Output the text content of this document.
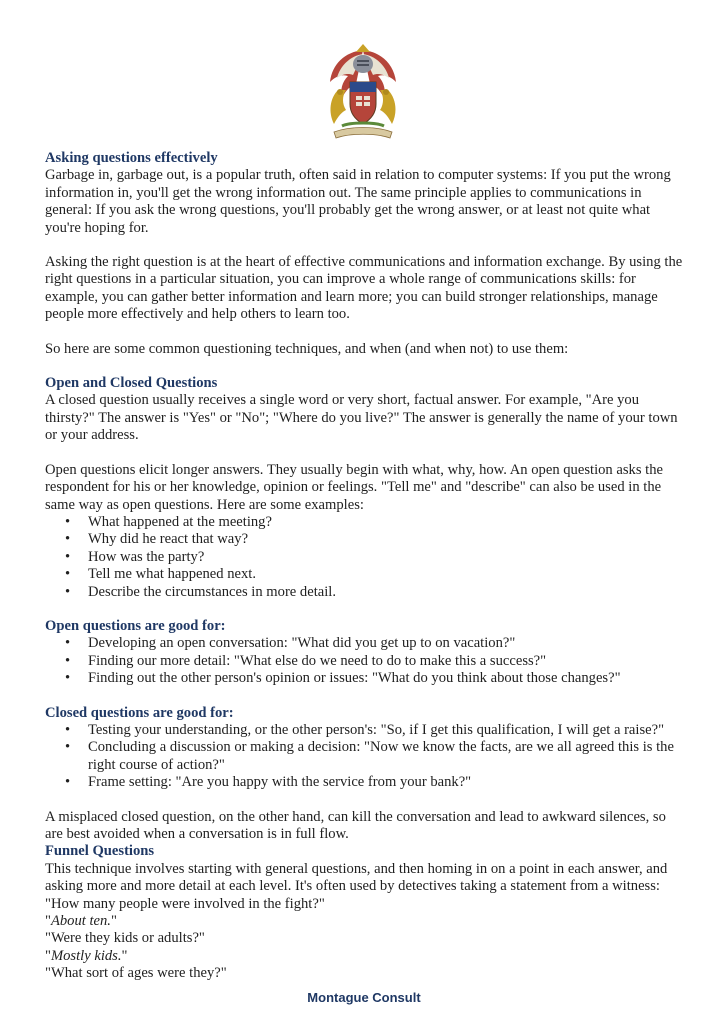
Asking questions effectively

Garbage in, garbage out, is a popular truth, often said in relation to computer systems: If you put the wrong information in, you'll get the wrong information out. The same principle applies to communications in general: If you ask the wrong questions, you'll probably get the wrong answer, or at least not quite what you're hoping for.

Asking the right question is at the heart of effective communications and information exchange. By using the right questions in a particular situation, you can improve a whole range of communications skills: for example, you can gather better information and learn more; you can build stronger relationships, manage people more effectively and help others to learn too.

So here are some common questioning techniques, and when (and when not) to use them:

Open and Closed Questions

A closed question usually receives a single word or very short, factual answer. For example, "Are you thirsty?" The answer is "Yes" or "No"; "Where do you live?" The answer is generally the name of your town or your address.

Open questions elicit longer answers. They usually begin with what, why, how. An open question asks the respondent for his or her knowledge, opinion or feelings. "Tell me" and "describe" can also be used in the same way as open questions. Here are some examples:

• What happened at the meeting?
• Why did he react that way?
• How was the party?
• Tell me what happened next.
• Describe the circumstances in more detail.
Open questions are good for:
• Developing an open conversation: "What did you get up to on vacation?"
• Finding our more detail: "What else do we need to do to make this a success?"
• Finding out the other person's opinion or issues: "What do you think about those changes?"
Closed questions are good for:
• Testing your understanding, or the other person's: "So, if I get this qualification, I will get a raise?"
• Concluding a discussion or making a decision: "Now we know the facts, are we all agreed this is the right course of action?"
• Frame setting: "Are you happy with the service from your bank?"

A misplaced closed question, on the other hand, can kill the conversation and lead to awkward silences, so are best avoided when a conversation is in full flow.

Funnel Questions

This technique involves starting with general questions, and then homing in on a point in each answer, and asking more and more detail at each level. It's often used by detectives taking a statement from a witness:

"How many people were involved in the fight?"

"About ten."

"Were they kids or adults?"

"Mostly kids."

"What sort of ages were they?"

Montague Consult
